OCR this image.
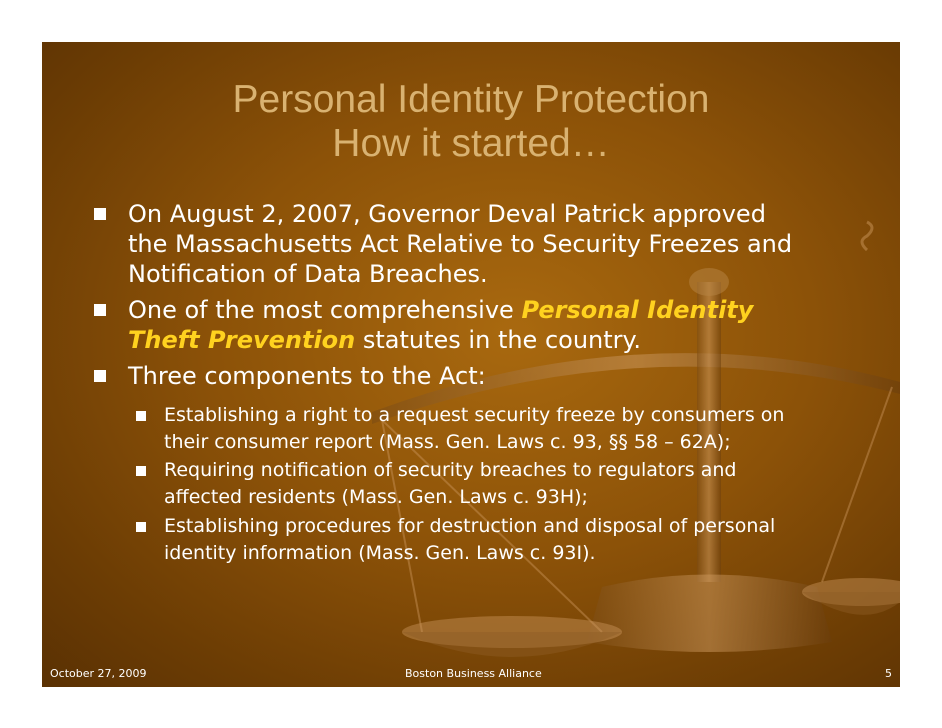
Personal Identity Protection
How it started…
On August 2, 2007, Governor Deval Patrick approved
the Massachusetts Act Relative to Security Freezes and
Notification of Data Breaches.
One of the most comprehensive Personal Identity
Theft Prevention statutes in the country.
Three components to the Act:
Establishing a right to a request security freeze by consumers on
their consumer report (Mass. Gen. Laws c. 93, §§ 58 – 62A);
Requiring notification of security breaches to regulators and
affected residents (Mass. Gen. Laws c. 93H);
Establishing procedures for destruction and disposal of personal
identity information (Mass. Gen. Laws c. 93I).
October 27, 2009	Boston Business Alliance	5
